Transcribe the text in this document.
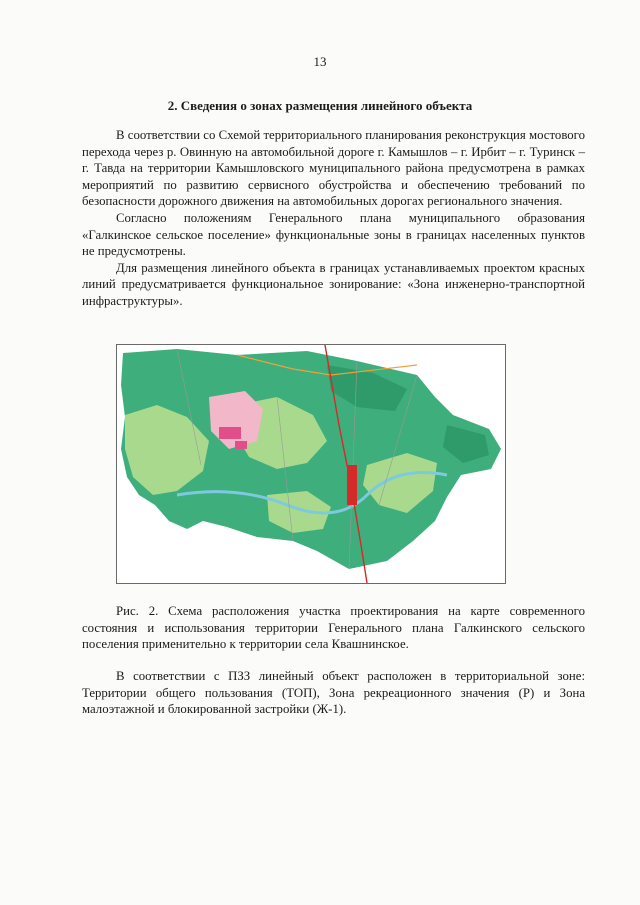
13
2. Сведения о зонах размещения линейного объекта

В соответствии со Схемой территориального планирования реконструкция мостового перехода через р. Овинную на автомобильной дороге г. Камышлов – г. Ирбит – г. Туринск – г. Тавда на территории Камышловского муниципального района предусмотрена в рамках мероприятий по развитию сервисного обустройства и обеспечению требований по безопасности дорожного движения на автомобильных дорогах регионального значения.

Согласно положениям Генерального плана муниципального образования «Галкинское сельское поселение» функциональные зоны в границах населенных пунктов не предусмотрены.

Для размещения линейного объекта в границах устанавливаемых проектом красных линий предусматривается функциональное зонирование: «Зона инженерно-транспортной инфраструктуры».

Рис. 2. Схема расположения участка проектирования на карте современного состояния и использования территории Генерального плана Галкинского сельского поселения применительно к территории села Квашнинское.

В соответствии с ПЗЗ линейный объект расположен в территориальной зоне: Территории общего пользования (ТОП), Зона рекреационного значения (Р) и Зона малоэтажной и блокированной застройки (Ж-1).
